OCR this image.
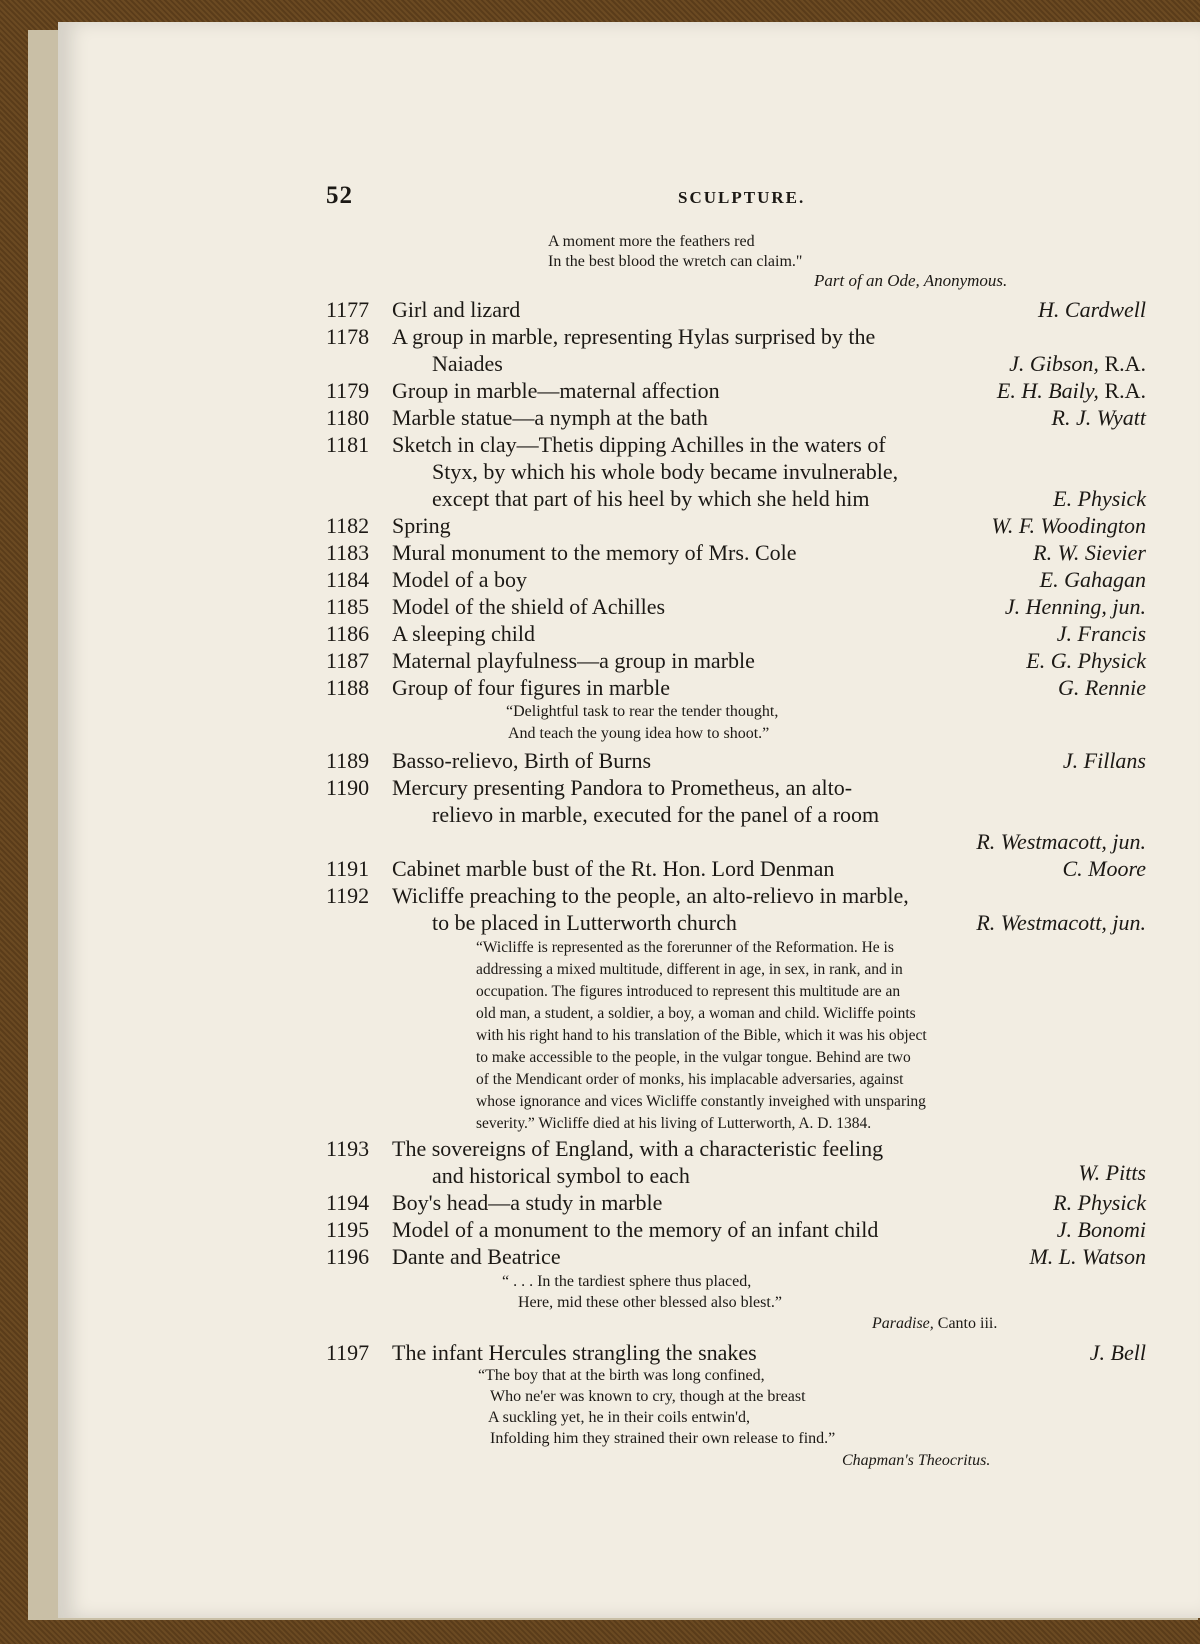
52	SCULPTURE.
A moment more the feathers red
In the best blood the wretch can claim."
Part of an Ode, Anonymous.
1177 Girl and lizard	H. Cardwell
1178 A group in marble, representing Hylas surprised by the
Naiades	J. Gibson, R.A.
1179 Group in marble—maternal affection	E. H. Baily, R.A.
1180 Marble statue—a nymph at the bath	R. J. Wyatt
1181 Sketch in clay—Thetis dipping Achilles in the waters of
Styx, by which his whole body became invulnerable,
except that part of his heel by which she held him	E. Physick
1182 Spring	W. F. Woodington
1183 Mural monument to the memory of Mrs. Cole	R. W. Sievier
1184 Model of a boy	E. Gahagan
1185 Model of the shield of Achilles	J. Henning, jun.
1186 A sleeping child	J. Francis
1187 Maternal playfulness—a group in marble	E. G. Physick
1188 Group of four figures in marble	G. Rennie
“Delightful task to rear the tender thought,
And teach the young idea how to shoot.”
1189 Basso-relievo, Birth of Burns	J. Fillans
1190 Mercury presenting Pandora to Prometheus, an alto-
relievo in marble, executed for the panel of a room
R. Westmacott, jun.
1191 Cabinet marble bust of the Rt. Hon. Lord Denman	C. Moore
1192 Wicliffe preaching to the people, an alto-relievo in marble,
to be placed in Lutterworth church	R. Westmacott, jun.
“Wicliffe is represented as the forerunner of the Reformation. He is
addressing a mixed multitude, different in age, in sex, in rank, and in
occupation. The figures introduced to represent this multitude are an
old man, a student, a soldier, a boy, a woman and child. Wicliffe points
with his right hand to his translation of the Bible, which it was his object
to make accessible to the people, in the vulgar tongue. Behind are two
of the Mendicant order of monks, his implacable adversaries, against
whose ignorance and vices Wicliffe constantly inveighed with unsparing
severity.” Wicliffe died at his living of Lutterworth, A. D. 1384.
1193 The sovereigns of England, with a characteristic feeling
and historical symbol to each	W. Pitts
1194 Boy's head—a study in marble	R. Physick
1195 Model of a monument to the memory of an infant child	J. Bonomi
1196 Dante and Beatrice	M. L. Watson
“ . . . In the tardiest sphere thus placed,
Here, mid these other blessed also blest.”
Paradise, Canto iii.
1197 The infant Hercules strangling the snakes	J. Bell
“The boy that at the birth was long confined,
Who ne'er was known to cry, though at the breast
A suckling yet, he in their coils entwin'd,
Infolding him they strained their own release to find.”
Chapman's Theocritus.
